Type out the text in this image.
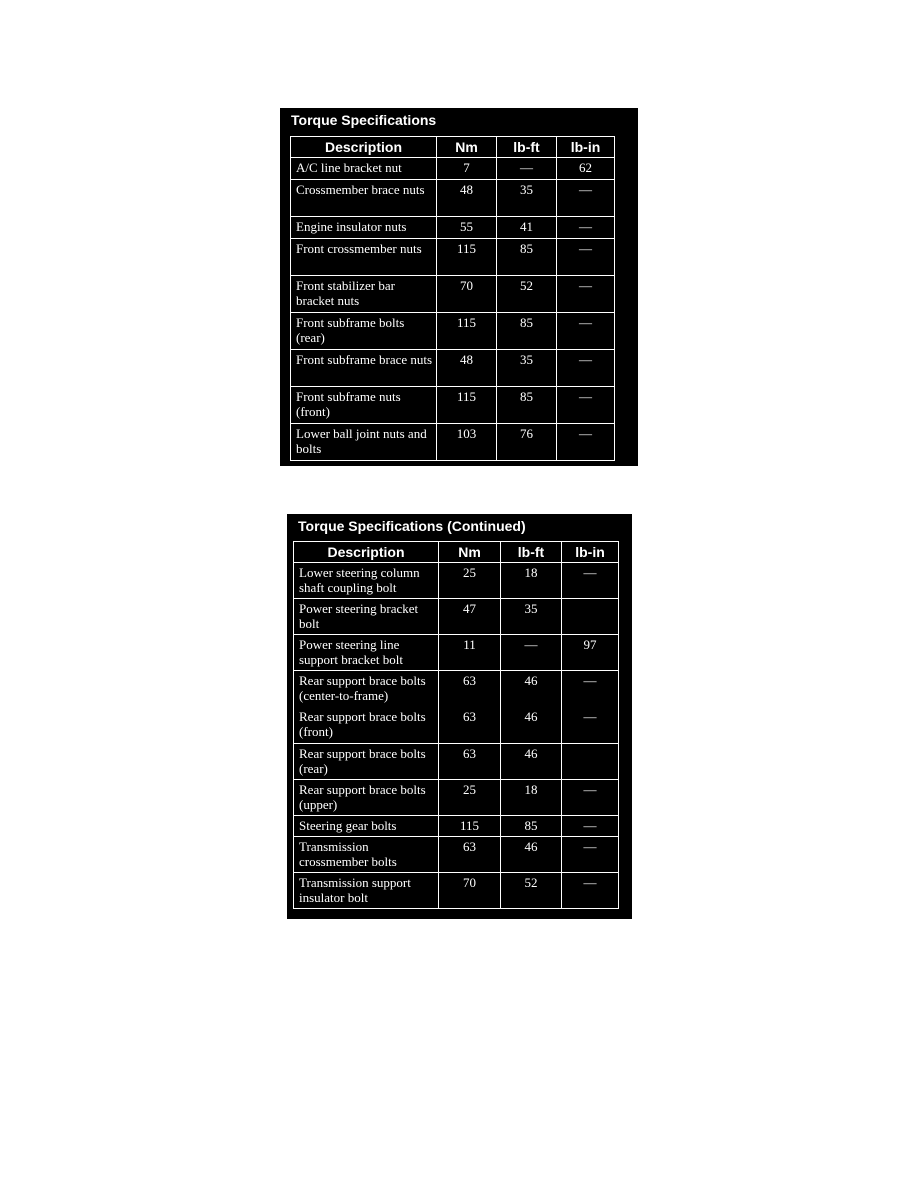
Torque Specifications
Description	Nm	lb-ft	lb-in
A/C line bracket nut	7	—	62
Crossmember brace nuts	48	35	—
Engine insulator nuts	55	41	—
Front crossmember nuts	115	85	—
Front stabilizer bar bracket nuts	70	52	—
Front subframe bolts (rear)	115	85	—
Front subframe brace nuts	48	35	—
Front subframe nuts (front)	115	85	—
Lower ball joint nuts and bolts	103	76	—
Torque Specifications (Continued)
Description	Nm	lb-ft	lb-in
Lower steering column shaft coupling bolt	25	18	—
Power steering bracket bolt	47	35	
Power steering line support bracket bolt	11	—	97
Rear support brace bolts (center-to-frame)	63	46	—
Rear support brace bolts (front)	63	46	—
Rear support brace bolts (rear)	63	46	
Rear support brace bolts (upper)	25	18	—
Steering gear bolts	115	85	—
Transmission crossmember bolts	63	46	—
Transmission support insulator bolt	70	52	—
